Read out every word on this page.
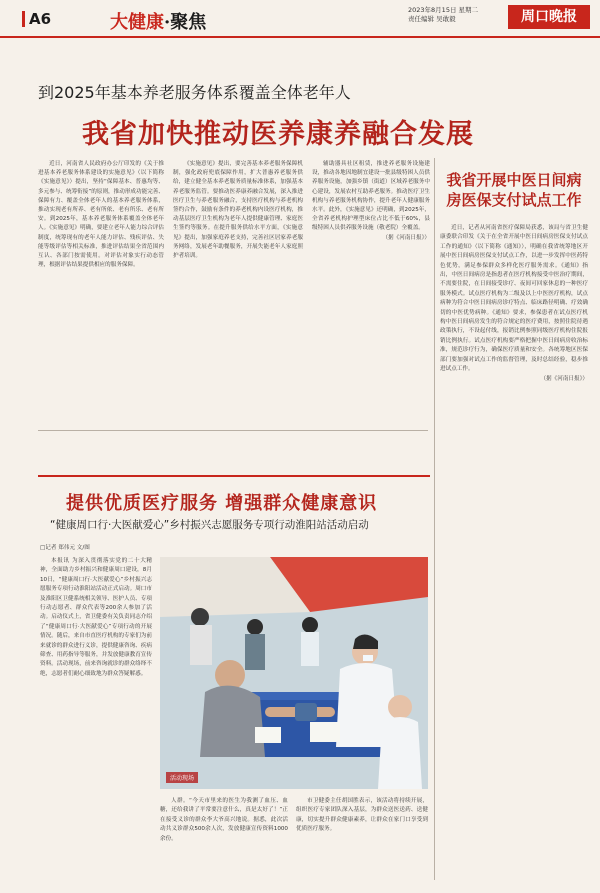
A6	大健康·聚焦
2023年8月15日 星期二
责任编辑 吴敢毅	周口晚报
到2025年基本养老服务体系覆盖全体老年人
我省加快推动医养康养融合发展

近日，河南省人民政府办公厅印发的《关于推进基本养老服务体系建设的实施意见》（以下简称《实施意见》）提出，坚持“保障基本、普惠均等、多元参与、统筹衔接”的原则，推动形成功能完善、保障有力、覆盖全体老年人的基本养老服务体系，推动实现老有所养、老有所依、老有所乐、老有所安。到2025年，基本养老服务体系覆盖全体老年人。《实施意见》明确，要建立老年人能力综合评估制度，统筹现有的老年人能力评估、残疾评估、失能等级评估等相关标准，推进评估结果全省范围内互认、各部门按需使用。对评估对象实行动态管理，根据评估结果提供相应的服务保障。

《实施意见》提出，要完善基本养老服务保障机制，强化政府兜底保障作用，扩大普惠养老服务供给，建立健全基本养老服务质量标准体系，加强基本养老服务监管。要推动医养康养融合发展，深入推进医疗卫生与养老服务融合，支持医疗机构与养老机构签约合作，鼓励有条件的养老机构内设医疗机构，推动基层医疗卫生机构为老年人提供健康管理、家庭医生签约等服务。在提升服务供给水平方面，《实施意见》提出，加强家庭养老支持，完善社区居家养老服务网络，发展老年助餐服务，开展失能老年人家庭照护者培训。

辅助器具社区租赁，推进养老服务设施建设，推动各地因地制宜建设一批县级特困人员供养服务设施，加强乡镇（街道）区域养老服务中心建设，发展农村互助养老服务。推动医疗卫生机构与养老服务机构协作，提升老年人健康服务水平。此外，《实施意见》还明确，到2025年，全省养老机构护理型床位占比不低于60%，县级特困人员供养服务设施（敬老院）全覆盖。

（据《河南日报》）
我省开展中医日间病房医保支付试点工作

近日，记者从河南省医疗保障局获悉，该局与省卫生健康委联合印发《关于在全省开展中医日间病房医保支付试点工作的通知》（以下简称《通知》），明确在我省统筹地区开展中医日间病房医保支付试点工作，以进一步发挥中医药特色优势，满足参保群众多样化医疗服务需求。《通知》指出，中医日间病房是指患者在医疗机构接受中医治疗期间，不需要住院，在日间接受诊疗、夜间可回家休息的一种医疗服务模式。试点医疗机构为二级及以上中医医疗机构，试点病种为符合中医日间病房诊疗特点、临床路径明确、疗效确切的中医优势病种。《通知》要求，参保患者在试点医疗机构中医日间病房发生的符合规定的医疗费用，按照住院待遇政策执行，不设起付线，报销比例参照同级医疗机构住院报销比例执行。试点医疗机构要严格把握中医日间病房收治标准，规范诊疗行为，确保医疗质量和安全。各统筹地区医保部门要加强对试点工作的监督管理，及时总结经验，稳步推进试点工作。

（据《河南日报》）
提供优质医疗服务 增强群众健康意识
“健康周口行·大医献爱心”乡村振兴志愿服务专项行动淮阳站活动启动
□记者 郑伟元 文/图

本报讯 为深入贯彻落实党的二十大精神，全面助力乡村振兴和健康周口建设，8月10日，“健康周口行·大医献爱心”乡村振兴志愿服务专项行动淮阳站活动正式启动。周口市及淮阳区卫健系统相关领导、医护人员、专项行动志愿者、群众代表等200余人参加了活动。启动仪式上，省卫健委有关负责同志介绍了“健康周口行·大医献爱心”专项行动的开展情况。随后，来自市直医疗机构的专家们为前来就诊的群众进行义诊，提供健康咨询、疾病筛查、用药指导等服务，并发放健康教育宣传资料。活动现场，前来咨询就诊的群众络绎不绝，志愿者们耐心细致地为群众答疑解惑。

活动现场

人群。“今天市里来的医生为我测了血压、血糖，还给我讲了平常要注意什么，真是太好了！”正在接受义诊的群众李大爷高兴地说。据悉，此次活动共义诊群众500余人次，发放健康宣传资料1000余份。

市卫健委主任胡国胜表示，该活动将持续开展，组织医疗专家团队深入基层，为群众送医送药、送健康，切实提升群众健康素养，让群众在家门口享受到优质医疗服务。
